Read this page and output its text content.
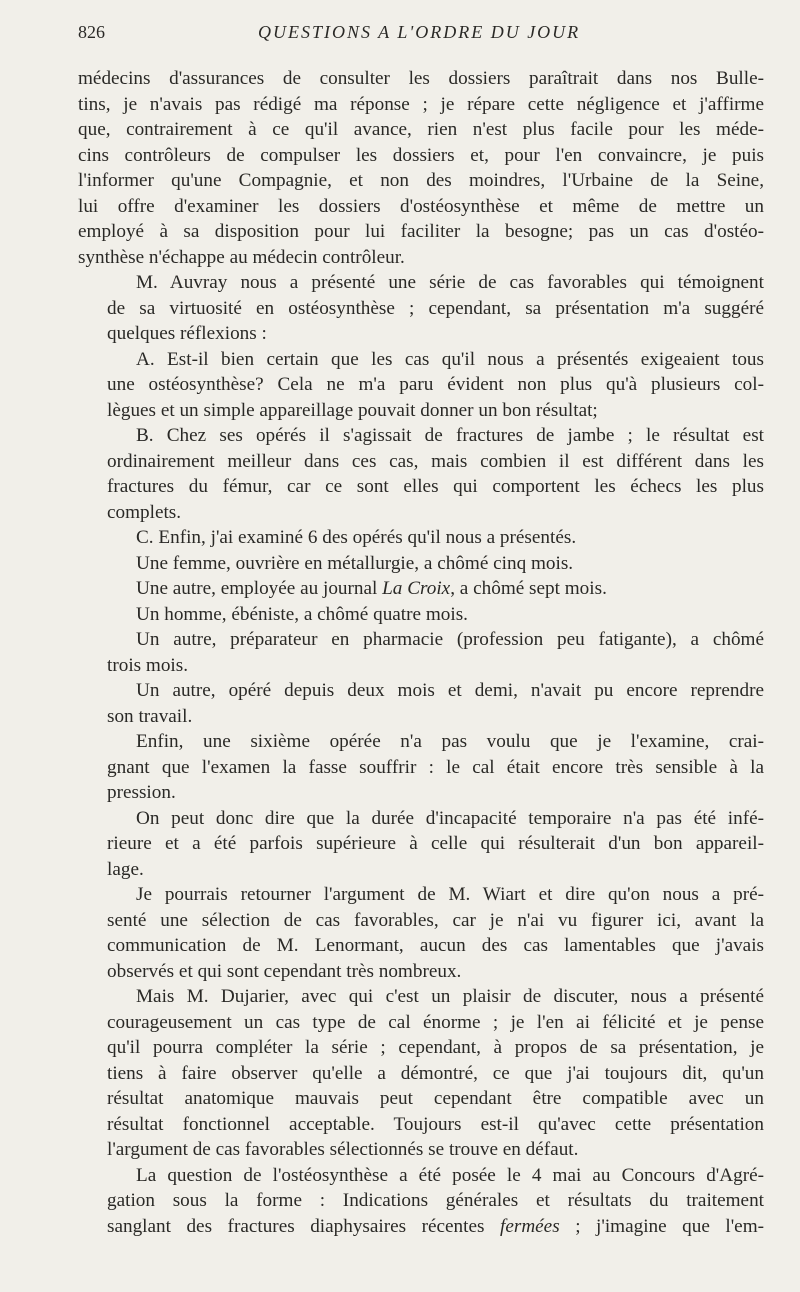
826	QUESTIONS A L'ORDRE DU JOUR

médecins d'assurances de consulter les dossiers paraîtrait dans nos Bulle-
tins, je n'avais pas rédigé ma réponse ; je répare cette négligence et j'affirme
que, contrairement à ce qu'il avance, rien n'est plus facile pour les méde-
cins contrôleurs de compulser les dossiers et, pour l'en convaincre, je puis
l'informer qu'une Compagnie, et non des moindres, l'Urbaine de la Seine,
lui offre d'examiner les dossiers d'ostéosynthèse et même de mettre un
employé à sa disposition pour lui faciliter la besogne; pas un cas d'ostéo-
synthèse n'échappe au médecin contrôleur.

M. Auvray nous a présenté une série de cas favorables qui témoignent
de sa virtuosité en ostéosynthèse ; cependant, sa présentation m'a suggéré
quelques réflexions :

A. Est-il bien certain que les cas qu'il nous a présentés exigeaient tous
une ostéosynthèse? Cela ne m'a paru évident non plus qu'à plusieurs col-
lègues et un simple appareillage pouvait donner un bon résultat;

B. Chez ses opérés il s'agissait de fractures de jambe ; le résultat est
ordinairement meilleur dans ces cas, mais combien il est différent dans les
fractures du fémur, car ce sont elles qui comportent les échecs les plus
complets.

C. Enfin, j'ai examiné 6 des opérés qu'il nous a présentés.

Une femme, ouvrière en métallurgie, a chômé cinq mois.

Une autre, employée au journal La Croix, a chômé sept mois.

Un homme, ébéniste, a chômé quatre mois.

Un autre, préparateur en pharmacie (profession peu fatigante), a chômé
trois mois.

Un autre, opéré depuis deux mois et demi, n'avait pu encore reprendre
son travail.

Enfin, une sixième opérée n'a pas voulu que je l'examine, crai-
gnant que l'examen la fasse souffrir : le cal était encore très sensible à la
pression.

On peut donc dire que la durée d'incapacité temporaire n'a pas été infé-
rieure et a été parfois supérieure à celle qui résulterait d'un bon appareil-
lage.

Je pourrais retourner l'argument de M. Wiart et dire qu'on nous a pré-
senté une sélection de cas favorables, car je n'ai vu figurer ici, avant la
communication de M. Lenormant, aucun des cas lamentables que j'avais
observés et qui sont cependant très nombreux.

Mais M. Dujarier, avec qui c'est un plaisir de discuter, nous a présenté
courageusement un cas type de cal énorme ; je l'en ai félicité et je pense
qu'il pourra compléter la série ; cependant, à propos de sa présentation, je
tiens à faire observer qu'elle a démontré, ce que j'ai toujours dit, qu'un
résultat anatomique mauvais peut cependant être compatible avec un
résultat fonctionnel acceptable. Toujours est-il qu'avec cette présentation
l'argument de cas favorables sélectionnés se trouve en défaut.

La question de l'ostéosynthèse a été posée le 4 mai au Concours d'Agré-
gation sous la forme : Indications générales et résultats du traitement
sanglant des fractures diaphysaires récentes fermées ; j'imagine que l'em-
